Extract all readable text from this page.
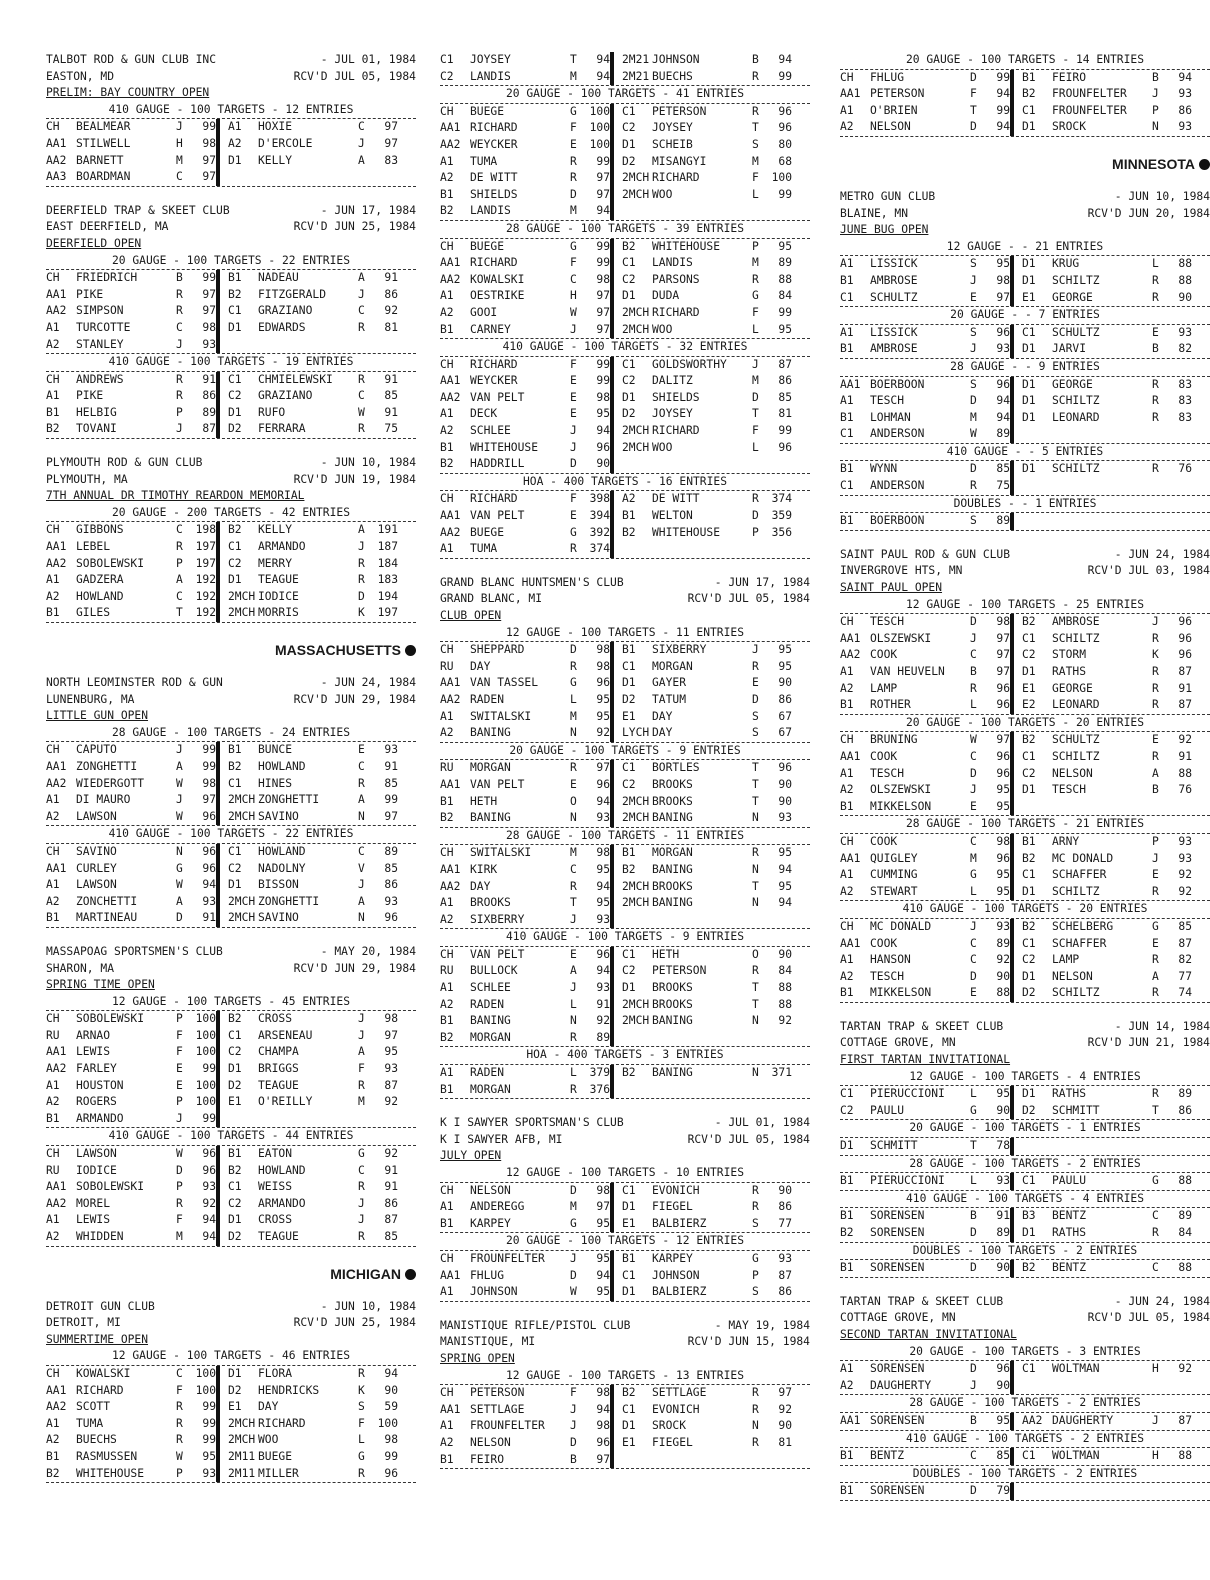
TALBOT ROD & GUN CLUB INC	- JUL 01, 1984
EASTON, MD	RCV'D JUL 05, 1984
PRELIM: BAY COUNTRY OPEN
410 GAUGE - 100 TARGETS - 12 ENTRIES
CH	BEALMEAR	J	99 A1	HOXIE	C	97
AA1 STILWELL	H	98 A2	D'ERCOLE	J	97
AA2 BARNETT	M	97 D1	KELLY	A	83
AA3 BOARDMAN	C	97
DEERFIELD TRAP & SKEET CLUB	- JUN 17, 1984
EAST DEERFIELD, MA	RCV'D JUN 25, 1984
DEERFIELD OPEN
20 GAUGE - 100 TARGETS - 22 ENTRIES
CH	FRIEDRICH	B	99 B1	NADEAU	A	91
AA1 PIKE	R	97 B2	FITZGERALD	J	86
AA2 SIMPSON	R	97 C1	GRAZIANO	C	92
A1	TURCOTTE	C	98 D1	EDWARDS	R	81
A2	STANLEY	J	93
410 GAUGE - 100 TARGETS - 19 ENTRIES
CH	ANDREWS	R	91 C1	CHMIELEWSKI	R	91
A1	PIKE	R	86 C2	GRAZIANO	C	85
B1	HELBIG	P	89 D1	RUFO	W	91
B2	TOVANI	J	87 D2	FERRARA	R	75
PLYMOUTH ROD & GUN CLUB	- JUN 10, 1984
PLYMOUTH, MA	RCV'D JUN 19, 1984
7TH ANNUAL DR TIMOTHY REARDON MEMORIAL
20 GAUGE - 200 TARGETS - 42 ENTRIES
CH	GIBBONS	C	198 B2	KELLY	A	191
AA1 LEBEL	R	197 C1	ARMANDO	J	187
AA2 SOBOLEWSKI	P	197 C2	MERRY	R	184
A1	GADZERA	A	192 D1	TEAGUE	R	183
A2	HOWLAND	C	192 2MCH IODICE	D	194
B1	GILES	T	192 2MCH MORRIS	K	197
MASSACHUSETTS
NORTH LEOMINSTER ROD & GUN	- JUN 24, 1984
LUNENBURG, MA	RCV'D JUN 29, 1984
LITTLE GUN OPEN
28 GAUGE - 100 TARGETS - 24 ENTRIES
CH	CAPUTO	J	99 B1	BUNCE	E	93
AA1 ZONGHETTI	A	99 B2	HOWLAND	C	91
AA2 WIEDERGOTT	W	98 C1	HINES	R	85
A1	DI MAURO	J	97 2MCH ZONGHETTI	A	99
A2	LAWSON	W	96 2MCH SAVINO	N	97
410 GAUGE - 100 TARGETS - 22 ENTRIES
CH	SAVINO	N	96 C1	HOWLAND	C	89
AA1 CURLEY	G	96 C2	NADOLNY	V	85
A1	LAWSON	W	94 D1	BISSON	J	86
A2	ZONCHETTI	A	93 2MCH ZONGHETTI	A	93
B1	MARTINEAU	D	91 2MCH SAVINO	N	96
MASSAPOAG SPORTSMEN'S CLUB	- MAY 20, 1984
SHARON, MA	RCV'D JUN 29, 1984
SPRING TIME OPEN
12 GAUGE - 100 TARGETS - 45 ENTRIES
CH	SOBOLEWSKI	P	100 B2	CROSS	J	98
RU	ARNAO	F	100 C1	ARSENEAU	J	97
AA1 LEWIS	F	100 C2	CHAMPA	A	95
AA2 FARLEY	E	99 D1	BRIGGS	F	93
A1	HOUSTON	E	100 D2	TEAGUE	R	87
A2	ROGERS	P	100 E1	O'REILLY	M	92
B1	ARMANDO	J	99
410 GAUGE - 100 TARGETS - 44 ENTRIES
CH	LAWSON	W	96 B1	EATON	G	92
RU	IODICE	D	96 B2	HOWLAND	C	91
AA1 SOBOLEWSKI	P	93 C1	WEISS	R	91
AA2 MOREL	R	92 C2	ARMANDO	J	86
A1	LEWIS	F	94 D1	CROSS	J	87
A2	WHIDDEN	M	94 D2	TEAGUE	R	85
MICHIGAN
DETROIT GUN CLUB	- JUN 10, 1984
DETROIT, MI	RCV'D JUN 25, 1984
SUMMERTIME OPEN
12 GAUGE - 100 TARGETS - 46 ENTRIES
CH	KOWALSKI	C	100 D1	FLORA	R	94
AA1 RICHARD	F	100 D2	HENDRICKS	K	90
AA2 SCOTT	R	99 E1	DAY	S	59
A1	TUMA	R	99 2MCH RICHARD	F	100
A2	BUECHS	R	99 2MCH WOO	L	98
B1	RASMUSSEN	W	95 2M11 BUEGE	G	99
B2	WHITEHOUSE	P	93 2M11 MILLER	R	96
C1	JOYSEY	T	94 2M21 JOHNSON	B	94
C2	LANDIS	M	94 2M21 BUECHS	R	99
20 GAUGE - 100 TARGETS - 41 ENTRIES
CH	BUEGE	G	100 C1	PETERSON	R	96
AA1 RICHARD	F	100 C2	JOYSEY	T	96
AA2 WEYCKER	E	100 D1	SCHEIB	S	80
A1	TUMA	R	99 D2	MISANGYI	M	68
A2	DE WITT	R	97 2MCH RICHARD	F	100
B1	SHIELDS	D	97 2MCH WOO	L	99
B2	LANDIS	M	94
28 GAUGE - 100 TARGETS - 39 ENTRIES
CH	BUEGE	G	99 B2	WHITEHOUSE	P	95
AA1 RICHARD	F	99 C1	LANDIS	M	89
AA2 KOWALSKI	C	98 C2	PARSONS	R	88
A1	OESTRIKE	H	97 D1	DUDA	G	84
A2	GOOI	W	97 2MCH RICHARD	F	99
B1	CARNEY	J	97 2MCH WOO	L	95
410 GAUGE - 100 TARGETS - 32 ENTRIES
CH	RICHARD	F	99 C1	GOLDSWORTHY	J	87
AA1 WEYCKER	E	99 C2	DALITZ	M	86
AA2 VAN PELT	E	98 D1	SHIELDS	D	85
A1	DECK	E	95 D2	JOYSEY	T	81
A2	SCHLEE	J	94 2MCH RICHARD	F	99
B1	WHITEHOUSE	J	96 2MCH WOO	L	96
B2	HADDRILL	D	90
HOA - 400 TARGETS - 16 ENTRIES
CH	RICHARD	F	398 A2	DE WITT	R	374
AA1 VAN PELT	E	394 B1	WELTON	D	359
AA2 BUEGE	G	392 B2	WHITEHOUSE	P	356
A1	TUMA	R	374
GRAND BLANC HUNTSMEN'S CLUB	- JUN 17, 1984
GRAND BLANC, MI	RCV'D JUL 05, 1984
CLUB OPEN
12 GAUGE - 100 TARGETS - 11 ENTRIES
CH	SHEPPARD	D	98 B1	SIXBERRY	J	95
RU	DAY	R	98 C1	MORGAN	R	95
AA1 VAN TASSEL	G	96 D1	GAYER	E	90
AA2 RADEN	L	95 D2	TATUM	D	86
A1	SWITALSKI	M	95 E1	DAY	S	67
A2	BANING	N	92 LYCH DAY	S	67
20 GAUGE - 100 TARGETS - 9 ENTRIES
RU	MORGAN	R	97 C1	BORTLES	T	96
AA1 VAN PELT	E	96 C2	BROOKS	T	90
B1	HETH	O	94 2MCH BROOKS	T	90
B2	BANING	N	93 2MCH BANING	N	93
28 GAUGE - 100 TARGETS - 11 ENTRIES
CH	SWITALSKI	M	98 B1	MORGAN	R	95
AA1 KIRK	C	95 B2	BANING	N	94
AA2 DAY	R	94 2MCH BROOKS	T	95
A1	BROOKS	T	95 2MCH BANING	N	94
A2	SIXBERRY	J	93
410 GAUGE - 100 TARGETS - 9 ENTRIES
CH	VAN PELT	E	96 C1	HETH	O	90
RU	BULLOCK	A	94 C2	PETERSON	R	84
A1	SCHLEE	J	93 D1	BROOKS	T	88
A2	RADEN	L	91 2MCH BROOKS	T	88
B1	BANING	N	92 2MCH BANING	N	92
B2	MORGAN	R	89
HOA - 400 TARGETS - 3 ENTRIES
A1	RADEN	L	379 B2	BANING	N	371
B1	MORGAN	R	376
K I SAWYER SPORTSMAN'S CLUB	- JUL 01, 1984
K I SAWYER AFB, MI	RCV'D JUL 05, 1984
JULY OPEN
12 GAUGE - 100 TARGETS - 10 ENTRIES
CH	NELSON	D	98 C1	EVONICH	R	90
A1	ANDEREGG	M	97 D1	FIEGEL	R	86
B1	KARPEY	G	95 E1	BALBIERZ	S	77
20 GAUGE - 100 TARGETS - 12 ENTRIES
CH	FROUNFELTER	J	95 B1	KARPEY	G	93
AA1 FHLUG	D	94 C1	JOHNSON	P	87
A1	JOHNSON	W	95 D1	BALBIERZ	S	86
MANISTIQUE RIFLE/PISTOL CLUB	- MAY 19, 1984
MANISTIQUE, MI	RCV'D JUN 15, 1984
SPRING OPEN
12 GAUGE - 100 TARGETS - 13 ENTRIES
CH	PETERSON	F	98 B2	SETTLAGE	R	97
AA1 SETTLAGE	J	94 C1	EVONICH	R	92
A1	FROUNFELTER	J	98 D1	SROCK	N	90
A2	NELSON	D	96 E1	FIEGEL	R	81
B1	FEIRO	B	97
20 GAUGE - 100 TARGETS - 14 ENTRIES
CH	FHLUG	D	99 B1	FEIRO	B	94
AA1 PETERSON	F	94 B2	FROUNFELTER	J	93
A1	O'BRIEN	T	99 C1	FROUNFELTER	P	86
A2	NELSON	D	94 D1	SROCK	N	93
MINNESOTA
METRO GUN CLUB	- JUN 10, 1984
BLAINE, MN	RCV'D JUN 20, 1984
JUNE BUG OPEN
12 GAUGE - - 21 ENTRIES
A1	LISSICK	S	95 D1	KRUG	L	88
B1	AMBROSE	J	98 D1	SCHILTZ	R	88
C1	SCHULTZ	E	97 E1	GEORGE	R	90
20 GAUGE - - 7 ENTRIES
A1	LISSICK	S	96 C1	SCHULTZ	E	93
B1	AMBROSE	J	93 D1	JARVI	B	82
28 GAUGE - - 9 ENTRIES
AA1 BOERBOON	S	96 D1	GEORGE	R	83
A1	TESCH	D	94 D1	SCHILTZ	R	83
B1	LOHMAN	M	94 D1	LEONARD	R	83
C1	ANDERSON	W	89
410 GAUGE - - 5 ENTRIES
B1	WYNN	D	85 D1	SCHILTZ	R	76
C1	ANDERSON	R	75
DOUBLES - - 1 ENTRIES
B1	BOERBOON	S	89
SAINT PAUL ROD & GUN CLUB	- JUN 24, 1984
INVERGROVE HTS, MN	RCV'D JUL 03, 1984
SAINT PAUL OPEN
12 GAUGE - 100 TARGETS - 25 ENTRIES
CH	TESCH	D	98 B2	AMBROSE	J	96
AA1 OLSZEWSKI	J	97 C1	SCHILTZ	R	96
AA2 COOK	C	97 C2	STORM	K	96
A1	VAN HEUVELN	B	97 D1	RATHS	R	87
A2	LAMP	R	96 E1	GEORGE	R	91
B1	ROTHER	L	96 E2	LEONARD	R	87
20 GAUGE - 100 TARGETS - 20 ENTRIES
CH	BRUNING	W	97 B2	SCHULTZ	E	92
AA1 COOK	C	96 C1	SCHILTZ	R	91
A1	TESCH	D	96 C2	NELSON	A	88
A2	OLSZEWSKI	J	95 D1	TESCH	B	76
B1	MIKKELSON	E	95
28 GAUGE - 100 TARGETS - 21 ENTRIES
CH	COOK	C	98 B1	ARNY	P	93
AA1 QUIGLEY	M	96 B2	MC DONALD	J	93
A1	CUMMING	G	95 C1	SCHAFFER	E	92
A2	STEWART	L	95 D1	SCHILTZ	R	92
410 GAUGE - 100 TARGETS - 20 ENTRIES
CH	MC DONALD	J	93 B2	SCHELBERG	G	85
AA1 COOK	C	89 C1	SCHAFFER	E	87
A1	HANSON	C	92 C2	LAMP	R	82
A2	TESCH	D	90 D1	NELSON	A	77
B1	MIKKELSON	E	88 D2	SCHILTZ	R	74
TARTAN TRAP & SKEET CLUB	- JUN 14, 1984
COTTAGE GROVE, MN	RCV'D JUN 21, 1984
FIRST TARTAN INVITATIONAL
12 GAUGE - 100 TARGETS - 4 ENTRIES
C1	PIERUCCIONI	L	95 D1	RATHS	R	89
C2	PAULU	G	90 D2	SCHMITT	T	86
20 GAUGE - 100 TARGETS - 1 ENTRIES
D1	SCHMITT	T	78
28 GAUGE - 100 TARGETS - 2 ENTRIES
B1	PIERUCCIONI	L	93 C1	PAULU	G	88
410 GAUGE - 100 TARGETS - 4 ENTRIES
B1	SORENSEN	B	91 B3	BENTZ	C	89
B2	SORENSEN	D	89 D1	RATHS	R	84
DOUBLES - 100 TARGETS - 2 ENTRIES
B1	SORENSEN	D	90 B2	BENTZ	C	88
TARTAN TRAP & SKEET CLUB	- JUN 24, 1984
COTTAGE GROVE, MN	RCV'D JUL 05, 1984
SECOND TARTAN INVITATIONAL
20 GAUGE - 100 TARGETS - 3 ENTRIES
A1	SORENSEN	D	96 C1	WOLTMAN	H	92
A2	DAUGHERTY	J	90
28 GAUGE - 100 TARGETS - 2 ENTRIES
AA1 SORENSEN	B	95 AA2 DAUGHERTY	J	87
410 GAUGE - 100 TARGETS - 2 ENTRIES
B1	BENTZ	C	85 C1	WOLTMAN	H	88
DOUBLES - 100 TARGETS - 2 ENTRIES
B1	SORENSEN	D	79
